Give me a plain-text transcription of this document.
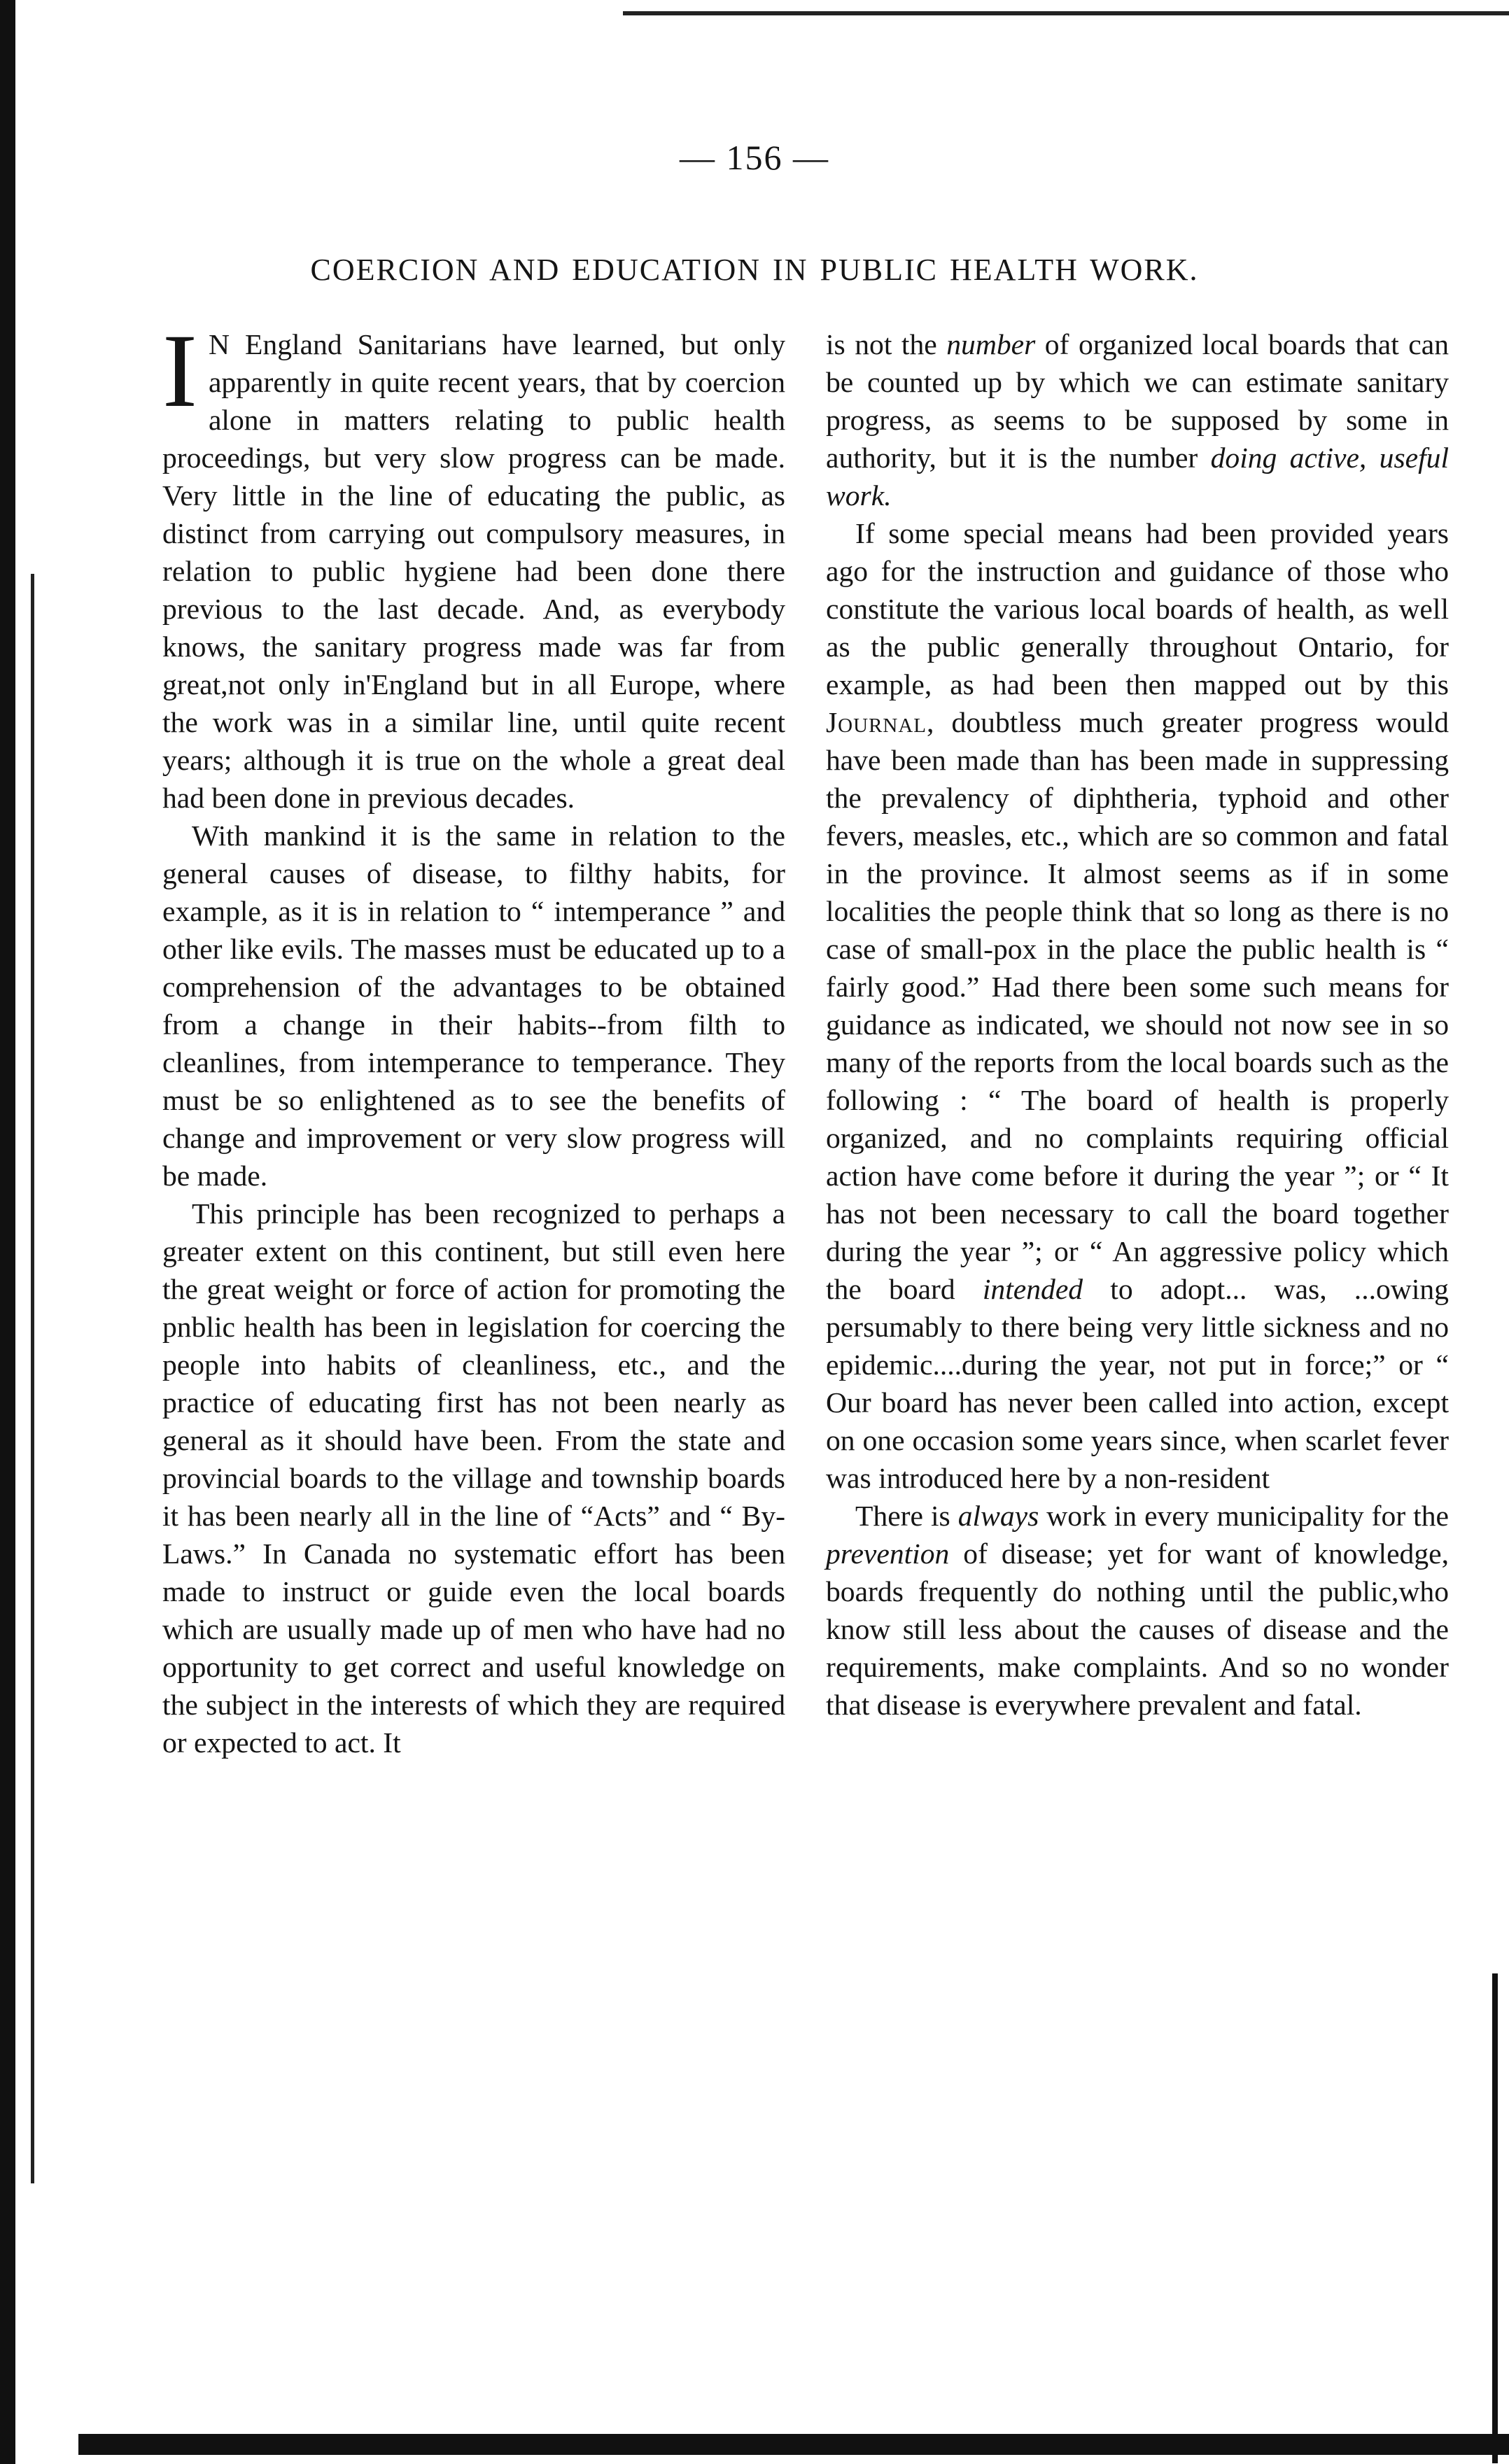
— 156 —
COERCION AND EDUCATION IN PUBLIC HEALTH WORK.

I N England Sanitarians have learned, but only apparently in quite recent years, that by coercion alone in matters relating to public health proceedings, but very slow progress can be made. Very little in the line of educating the public, as distinct from carrying out compulsory measures, in relation to public hygiene had been done there previous to the last decade. And, as everybody knows, the sanitary progress made was far from great,not only in'England but in all Europe, where the work was in a similar line, until quite recent years; although it is true on the whole a great deal had been done in previous decades.

With mankind it is the same in relation to the general causes of disease, to filthy habits, for example, as it is in relation to “ intemperance ” and other like evils. The masses must be educated up to a comprehension of the advantages to be obtained from a change in their habits--from filth to cleanlines, from intemperance to temperance. They must be so enlightened as to see the benefits of change and improvement or very slow progress will be made.

This principle has been recognized to perhaps a greater extent on this continent, but still even here the great weight or force of action for promoting the pnblic health has been in legislation for coercing the people into habits of cleanliness, etc., and the practice of educating first has not been nearly as general as it should have been. From the state and provincial boards to the village and township boards it has been nearly all in the line of “Acts” and “ By-Laws.” In Canada no systematic effort has been made to instruct or guide even the local boards which are usually made up of men who have had no opportunity to get correct and useful knowledge on the subject in the interests of which they are required or expected to act. It

is not the number of organized local boards that can be counted up by which we can estimate sanitary progress, as seems to be supposed by some in authority, but it is the number doing active, useful work.

If some special means had been provided years ago for the instruction and guidance of those who constitute the various local boards of health, as well as the public generally throughout Ontario, for example, as had been then mapped out by this Journal, doubtless much greater progress would have been made than has been made in suppressing the prevalency of diphtheria, typhoid and other fevers, measles, etc., which are so common and fatal in the province. It almost seems as if in some localities the people think that so long as there is no case of small-pox in the place the public health is “ fairly good.” Had there been some such means for guidance as indicated, we should not now see in so many of the reports from the local boards such as the following : “ The board of health is properly organized, and no complaints requiring official action have come before it during the year ”; or “ It has not been necessary to call the board together during the year ”; or “ An aggressive policy which the board intended to adopt... was, ...owing persumably to there being very little sickness and no epidemic....during the year, not put in force;” or “ Our board has never been called into action, except on one occasion some years since, when scarlet fever was introduced here by a non-resident

There is always work in every municipality for the prevention of disease; yet for want of knowledge, boards frequently do nothing until the public,who know still less about the causes of disease and the requirements, make complaints. And so no wonder that disease is everywhere prevalent and fatal.
